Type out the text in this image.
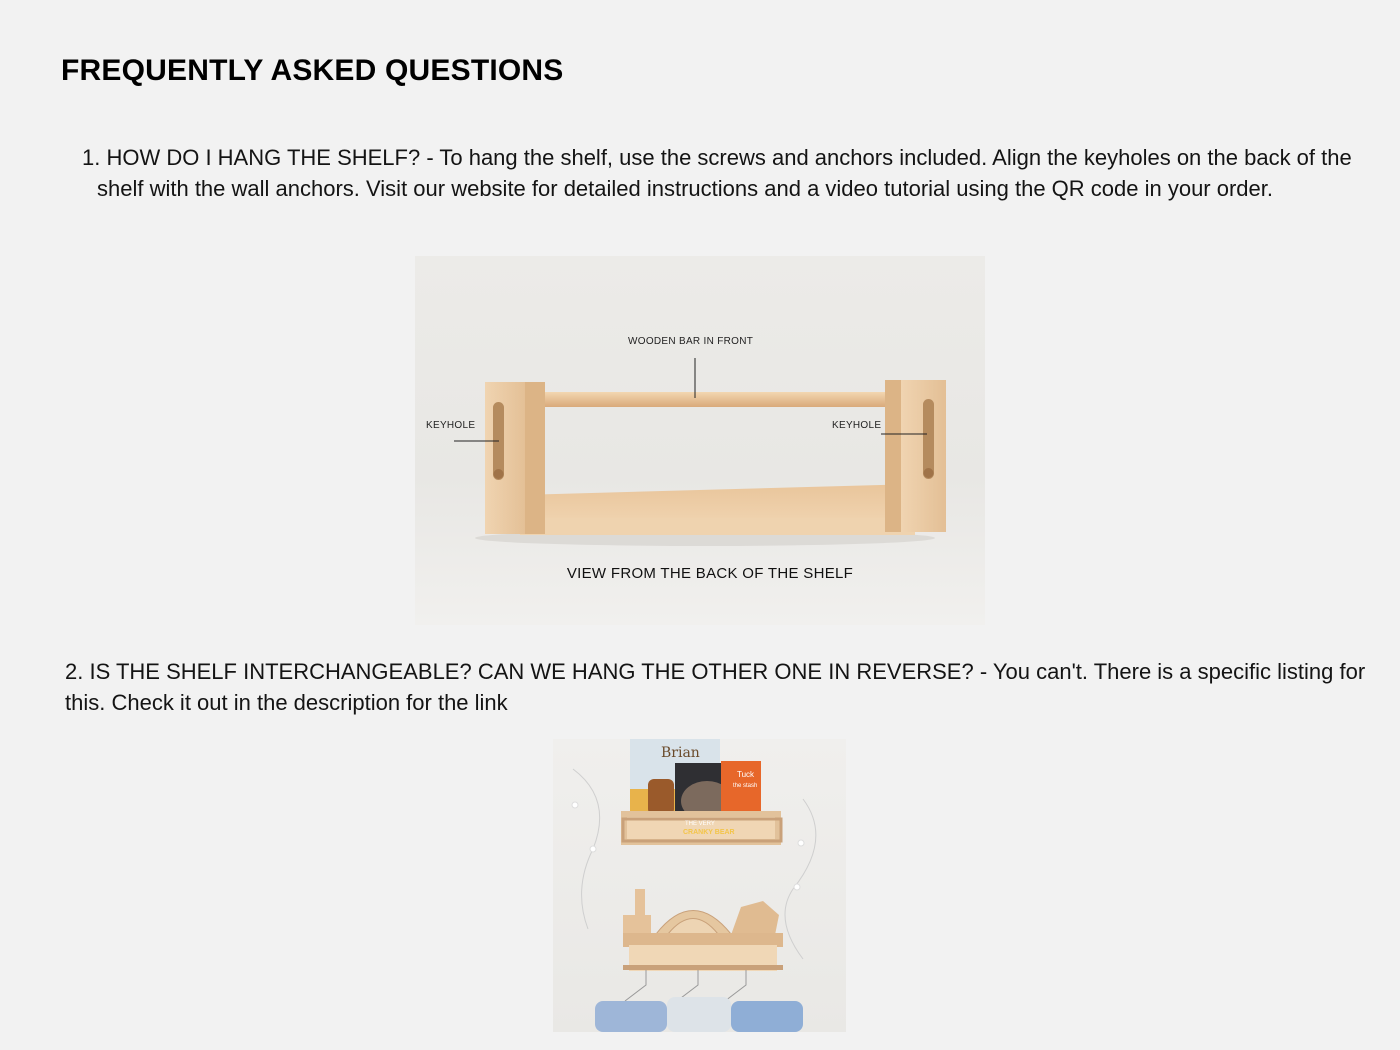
FREQUENTLY ASKED QUESTIONS

1. HOW DO I HANG THE SHELF? - To hang the shelf, use the screws and anchors included. Align the keyholes on the back of the shelf with the wall anchors. Visit our website for detailed instructions and a video tutorial using the QR code in your order.

WOODEN BAR IN FRONT
KEYHOLE	KEYHOLE
VIEW FROM THE BACK OF THE SHELF

2. IS THE SHELF INTERCHANGEABLE? CAN WE HANG THE OTHER ONE IN REVERSE? - You can't. There is a specific listing for this. Check it out in the description for the link

Brian
THE VERY
CRANKY BEAR
Tuck
the stash
